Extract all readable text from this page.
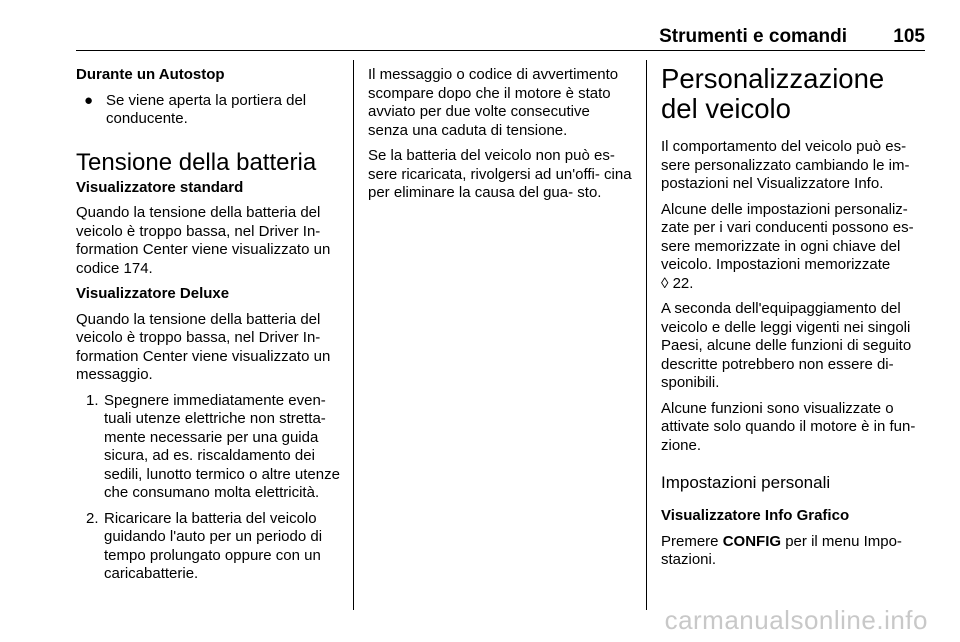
Strumenti e comandi 105

Durante un Autostop

● Se viene aperta la portiera del conducente.
Tensione della batteria

Visualizzatore standard

Quando la tensione della batteria del veicolo è troppo bassa, nel Driver In- formation Center viene visualizzato un codice 174.

Visualizzatore Deluxe

Quando la tensione della batteria del veicolo è troppo bassa, nel Driver In- formation Center viene visualizzato un messaggio.

1. Spegnere immediatamente even- tuali utenze elettriche non stretta- mente necessarie per una guida sicura, ad es. riscaldamento dei sedili, lunotto termico o altre utenze che consumano molta elettricità.
2. Ricaricare la batteria del veicolo guidando l'auto per un periodo di tempo prolungato oppure con un caricabatterie.

Il messaggio o codice di avvertimento scompare dopo che il motore è stato avviato per due volte consecutive senza una caduta di tensione.

Se la batteria del veicolo non può es- sere ricaricata, rivolgersi ad un'offi- cina per eliminare la causa del gua- sto.

Personalizzazione del veicolo

Il comportamento del veicolo può es- sere personalizzato cambiando le im- postazioni nel Visualizzatore Info.

Alcune delle impostazioni personaliz- zate per i vari conducenti possono es- sere memorizzate in ogni chiave del veicolo. Impostazioni memorizzate
◊ 22.

A seconda dell'equipaggiamento del veicolo e delle leggi vigenti nei singoli Paesi, alcune delle funzioni di seguito descritte potrebbero non essere di- sponibili.

Alcune funzioni sono visualizzate o attivate solo quando il motore è in fun- zione.

Impostazioni personali

Visualizzatore Info Grafico

Premere CONFIG per il menu Impo- stazioni.

carmanualsonline.info
